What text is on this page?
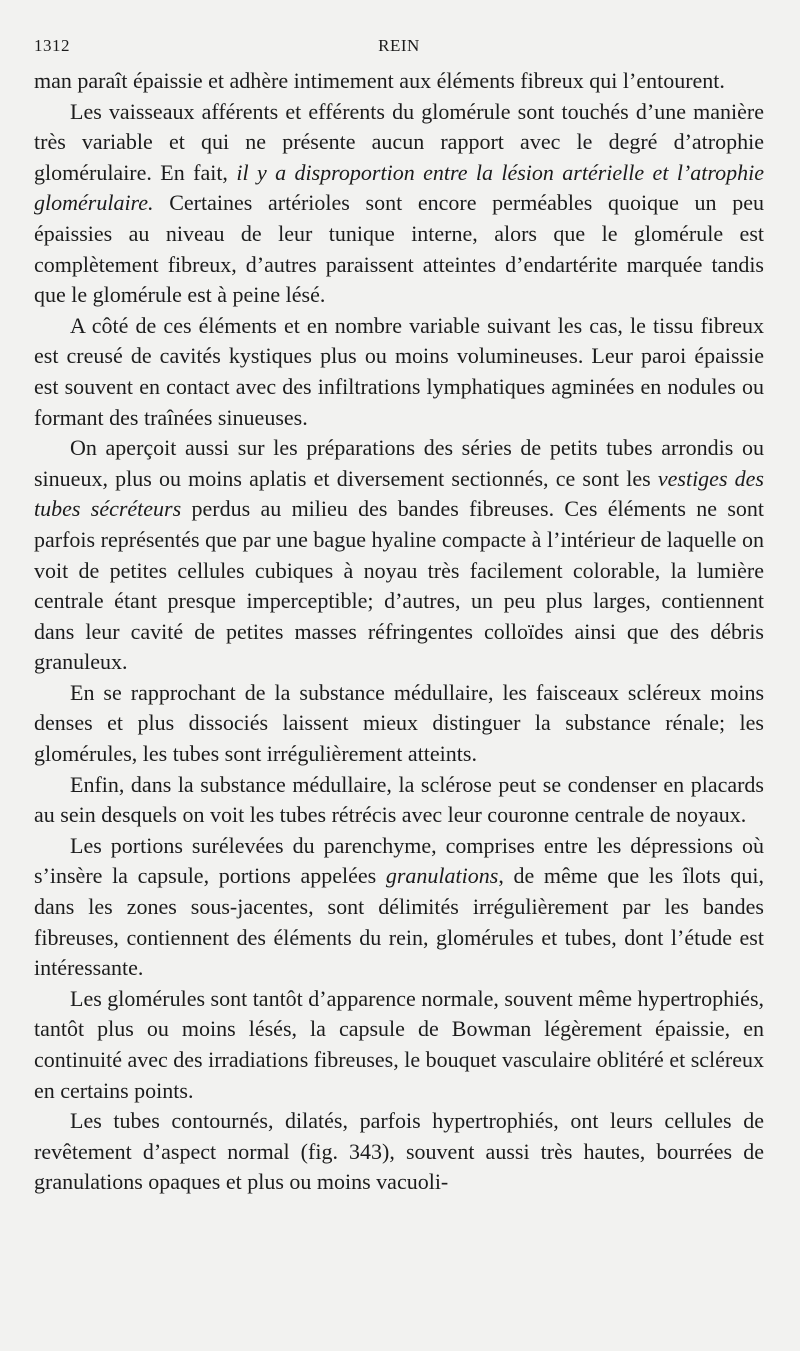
1312	REIN

man paraît épaissie et adhère intimement aux éléments fibreux qui l’entourent.

Les vaisseaux afférents et efférents du glomérule sont touchés d’une manière très variable et qui ne présente aucun rapport avec le degré d’atrophie glomérulaire. En fait, il y a disproportion entre la lésion artérielle et l’atrophie glomérulaire. Certaines artérioles sont encore perméables quoique un peu épaissies au niveau de leur tunique interne, alors que le glomérule est complètement fibreux, d’autres paraissent atteintes d’endartérite marquée tandis que le glomérule est à peine lésé.

A côté de ces éléments et en nombre variable suivant les cas, le tissu fibreux est creusé de cavités kystiques plus ou moins volumineuses. Leur paroi épaissie est souvent en contact avec des infiltrations lymphatiques agminées en nodules ou formant des traînées sinueuses.

On aperçoit aussi sur les préparations des séries de petits tubes arrondis ou sinueux, plus ou moins aplatis et diversement sectionnés, ce sont les vestiges des tubes sécréteurs perdus au milieu des bandes fibreuses. Ces éléments ne sont parfois représentés que par une bague hyaline compacte à l’intérieur de laquelle on voit de petites cellules cubiques à noyau très facilement colorable, la lumière centrale étant presque imperceptible; d’autres, un peu plus larges, contiennent dans leur cavité de petites masses réfringentes colloïdes ainsi que des débris granuleux.

En se rapprochant de la substance médullaire, les faisceaux scléreux moins denses et plus dissociés laissent mieux distinguer la substance rénale; les glomérules, les tubes sont irrégulièrement atteints.

Enfin, dans la substance médullaire, la sclérose peut se condenser en placards au sein desquels on voit les tubes rétrécis avec leur couronne centrale de noyaux.

Les portions surélevées du parenchyme, comprises entre les dépressions où s’insère la capsule, portions appelées granulations, de même que les îlots qui, dans les zones sous-jacentes, sont délimités irrégulièrement par les bandes fibreuses, contiennent des éléments du rein, glomérules et tubes, dont l’étude est intéressante.

Les glomérules sont tantôt d’apparence normale, souvent même hypertrophiés, tantôt plus ou moins lésés, la capsule de Bowman légèrement épaissie, en continuité avec des irradiations fibreuses, le bouquet vasculaire oblitéré et scléreux en certains points.

Les tubes contournés, dilatés, parfois hypertrophiés, ont leurs cellules de revêtement d’aspect normal (fig. 343), souvent aussi très hautes, bourrées de granulations opaques et plus ou moins vacuoli-
